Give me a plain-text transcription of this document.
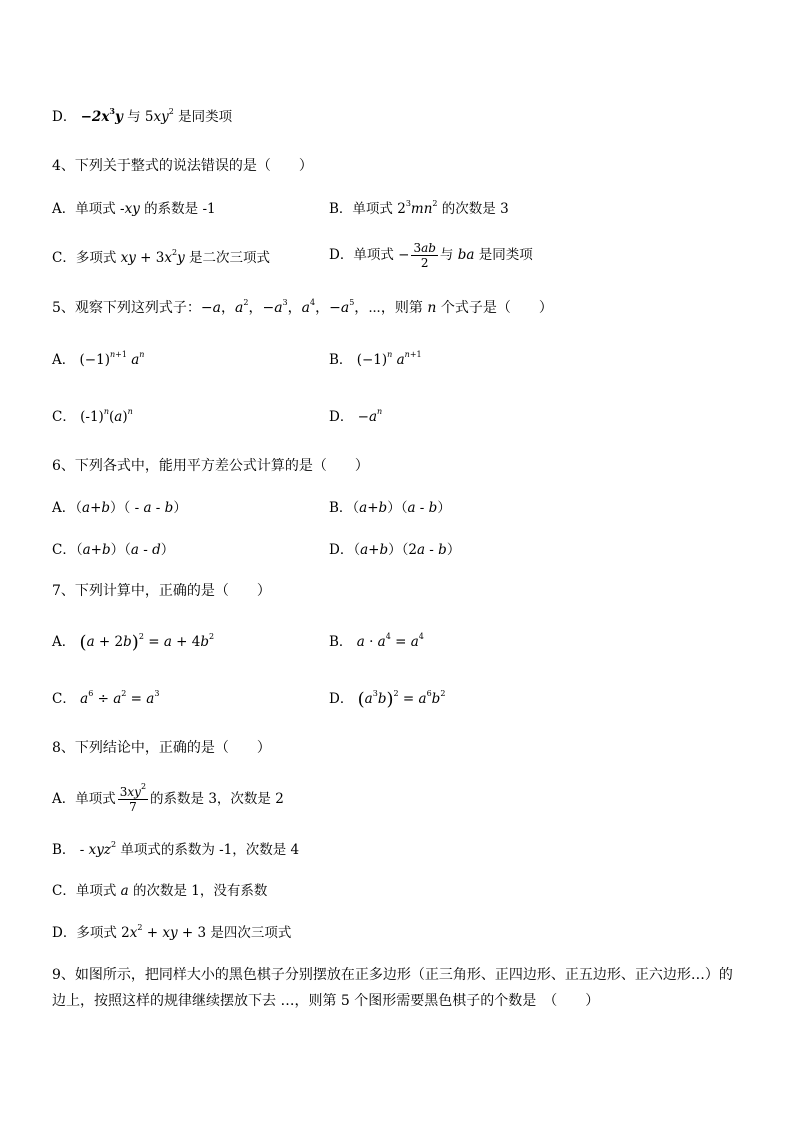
D． $-2x^3y$ 与 $5xy^2$ 是同类项
4、下列关于整式的说法错误的是（　　）
A．单项式 -xy 的系数是 -1	B．单项式 $2^3mn^2$ 的次数是 3
C．多项式 xy + $3x^2y$ 是二次三项式	D．单项式 − $\frac{3ab}{2}$ 与 ba 是同类项
5、观察下列这列式子：−a，$a^2$，$-a^3$，$a^4$，$-a^5$，⋯，则第 n 个式子是（　　）
A． $(-1)^{n+1}$ $a^n$	B． $(-1)^n$ $a^{n+1}$
C． $(-1)^n(a)^n$	D． $-a^n$
6、下列各式中，能用平方差公式计算的是（　　）
A．（a+b）（ - a - b）	B．（a+b）（a - b）
C．（a+b）（a - d）	D．（a+b）（2a - b）
7、下列计算中，正确的是（　　）
A． $(a + 2b)^2 = a + 4b^2$	B． $a \cdot a^4 = a^4$
C． $a^6 \div a^2 = a^3$	D． $(a^3b)^2 = a^6b^2$
8、下列结论中，正确的是（　　）
A．单项式 $\frac{3xy^2}{7}$ 的系数是 3，次数是 2
B． - xyz$^2$ 单项式的系数为 -1，次数是 4
C．单项式 a 的次数是 1，没有系数
D．多项式 $2x^2$ + xy + 3 是四次三项式
9、如图所示，把同样大小的黑色棋子分别摆放在正多边形（正三角形、正四边形、正五边形、正六边形…）的边上，按照这样的规律继续摆放下去 …，则第 5 个图形需要黑色棋子的个数是　（　　）
